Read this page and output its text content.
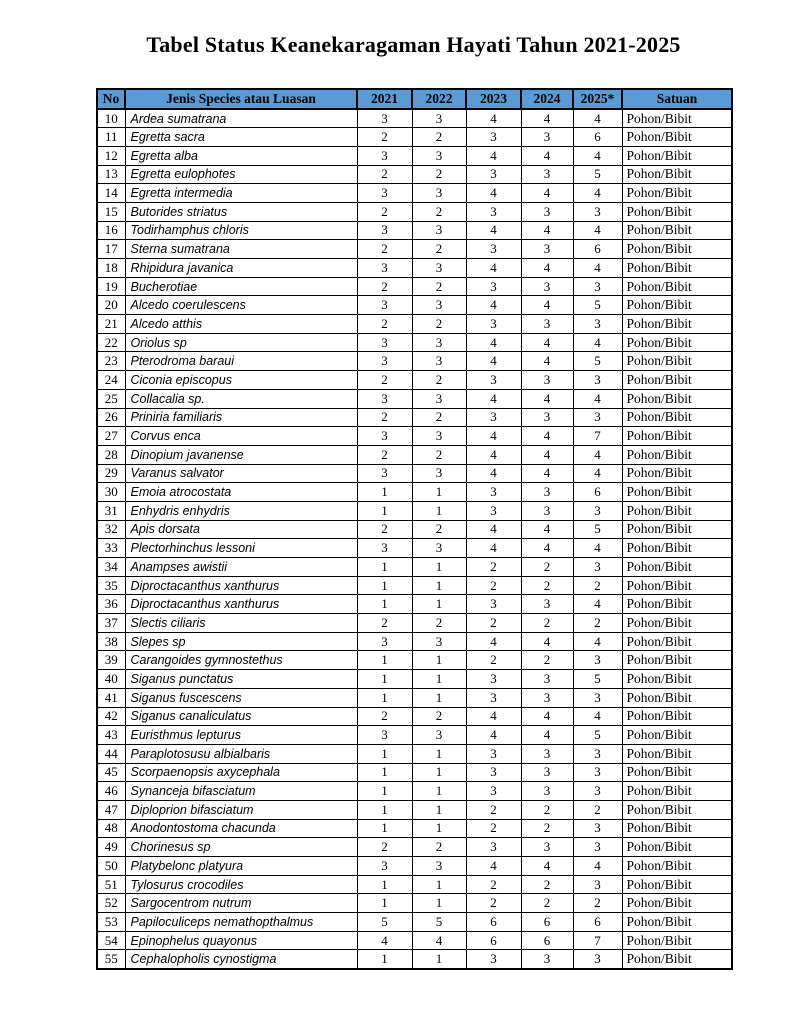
Tabel Status Keanekaragaman Hayati Tahun 2021-2025
No	Jenis Species atau Luasan	2021	2022	2023	2024	2025*	Satuan
10	Ardea sumatrana	3	3	4	4	4	Pohon/Bibit
11	Egretta sacra	2	2	3	3	6	Pohon/Bibit
12	Egretta alba	3	3	4	4	4	Pohon/Bibit
13	Egretta eulophotes	2	2	3	3	5	Pohon/Bibit
14	Egretta intermedia	3	3	4	4	4	Pohon/Bibit
15	Butorides striatus	2	2	3	3	3	Pohon/Bibit
16	Todirhamphus chloris	3	3	4	4	4	Pohon/Bibit
17	Sterna sumatrana	2	2	3	3	6	Pohon/Bibit
18	Rhipidura javanica	3	3	4	4	4	Pohon/Bibit
19	Bucherotiae	2	2	3	3	3	Pohon/Bibit
20	Alcedo coerulescens	3	3	4	4	5	Pohon/Bibit
21	Alcedo atthis	2	2	3	3	3	Pohon/Bibit
22	Oriolus sp	3	3	4	4	4	Pohon/Bibit
23	Pterodroma baraui	3	3	4	4	5	Pohon/Bibit
24	Ciconia episcopus	2	2	3	3	3	Pohon/Bibit
25	Collacalia sp.	3	3	4	4	4	Pohon/Bibit
26	Priniria familiaris	2	2	3	3	3	Pohon/Bibit
27	Corvus enca	3	3	4	4	7	Pohon/Bibit
28	Dinopium javanense	2	2	4	4	4	Pohon/Bibit
29	Varanus salvator	3	3	4	4	4	Pohon/Bibit
30	Emoia atrocostata	1	1	3	3	6	Pohon/Bibit
31	Enhydris enhydris	1	1	3	3	3	Pohon/Bibit
32	Apis dorsata	2	2	4	4	5	Pohon/Bibit
33	Plectorhinchus lessoni	3	3	4	4	4	Pohon/Bibit
34	Anampses awistii	1	1	2	2	3	Pohon/Bibit
35	Diproctacanthus xanthurus	1	1	2	2	2	Pohon/Bibit
36	Diproctacanthus xanthurus	1	1	3	3	4	Pohon/Bibit
37	Slectis ciliaris	2	2	2	2	2	Pohon/Bibit
38	Slepes sp	3	3	4	4	4	Pohon/Bibit
39	Carangoides gymnostethus	1	1	2	2	3	Pohon/Bibit
40	Siganus punctatus	1	1	3	3	5	Pohon/Bibit
41	Siganus fuscescens	1	1	3	3	3	Pohon/Bibit
42	Siganus canaliculatus	2	2	4	4	4	Pohon/Bibit
43	Euristhmus lepturus	3	3	4	4	5	Pohon/Bibit
44	Paraplotosusu albialbaris	1	1	3	3	3	Pohon/Bibit
45	Scorpaenopsis axycephala	1	1	3	3	3	Pohon/Bibit
46	Synanceja bifasciatum	1	1	3	3	3	Pohon/Bibit
47	Diploprion bifasciatum	1	1	2	2	2	Pohon/Bibit
48	Anodontostoma chacunda	1	1	2	2	3	Pohon/Bibit
49	Chorinesus sp	2	2	3	3	3	Pohon/Bibit
50	Platybelonc platyura	3	3	4	4	4	Pohon/Bibit
51	Tylosurus crocodiles	1	1	2	2	3	Pohon/Bibit
52	Sargocentrom nutrum	1	1	2	2	2	Pohon/Bibit
53	Papiloculiceps nemathopthalmus	5	5	6	6	6	Pohon/Bibit
54	Epinophelus quayonus	4	4	6	6	7	Pohon/Bibit
55	Cephalopholis cynostigma	1	1	3	3	3	Pohon/Bibit
